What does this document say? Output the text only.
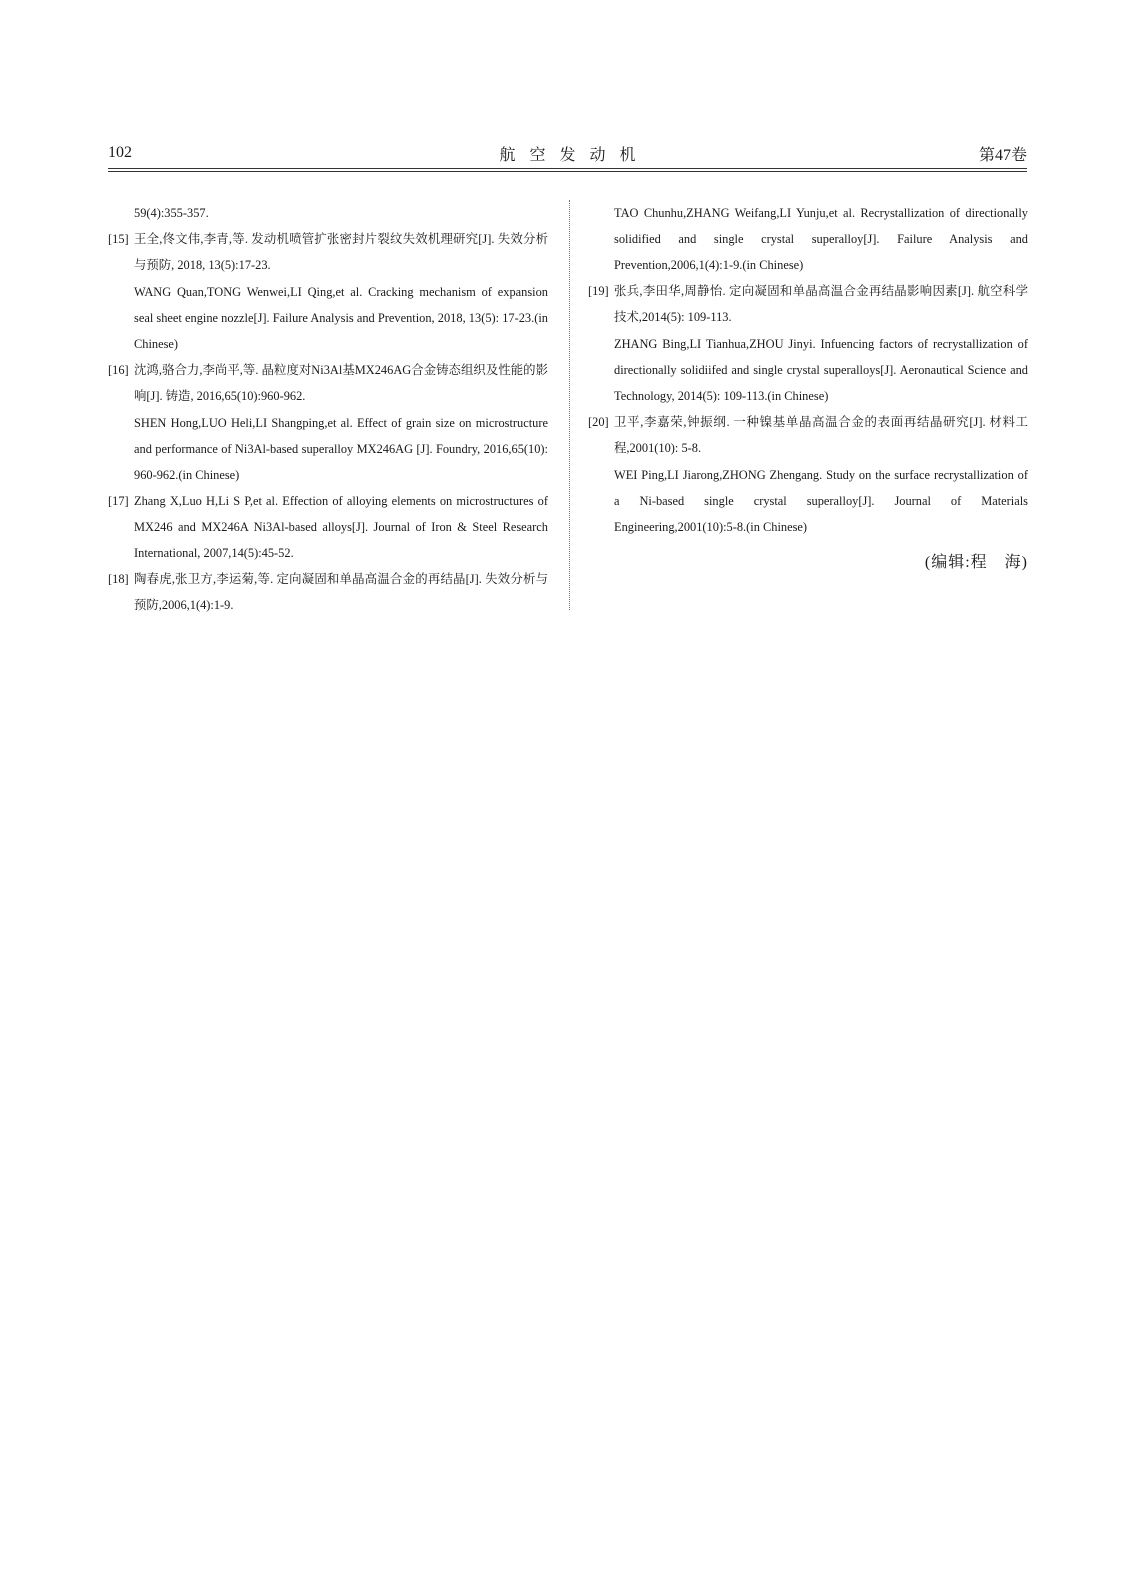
102	航空发动机	第47卷
59(4):355-357.
[15] 王全,佟文伟,李青,等. 发动机喷管扩张密封片裂纹失效机理研究[J]. 失效分析与预防, 2018, 13(5):17-23.
WANG Quan,TONG Wenwei,LI Qing,et al. Cracking mechanism of expansion seal sheet engine nozzle[J]. Failure Analysis and Prevention, 2018, 13(5): 17-23.(in Chinese)
[16] 沈鸿,骆合力,李尚平,等. 晶粒度对Ni3Al基MX246AG合金铸态组织及性能的影响[J]. 铸造, 2016,65(10):960-962.
SHEN Hong,LUO Heli,LI Shangping,et al. Effect of grain size on microstructure and performance of Ni3Al-based superalloy MX246AG [J]. Foundry, 2016,65(10): 960-962.(in Chinese)
[17] Zhang X,Luo H,Li S P,et al. Effection of alloying elements on microstructures of MX246 and MX246A Ni3Al-based alloys[J]. Journal of Iron & Steel Research International, 2007,14(5):45-52.
[18] 陶春虎,张卫方,李运菊,等. 定向凝固和单晶高温合金的再结晶[J]. 失效分析与预防,2006,1(4):1-9.
TAO Chunhu,ZHANG Weifang,LI Yunju,et al. Recrystallization of directionally solidified and single crystal superalloy[J]. Failure Analysis and Prevention,2006,1(4):1-9.(in Chinese)
[19] 张兵,李田华,周静怡. 定向凝固和单晶高温合金再结晶影响因素[J]. 航空科学技术,2014(5): 109-113.
ZHANG Bing,LI Tianhua,ZHOU Jinyi. Infuencing factors of recrystallization of directionally solidiifed and single crystal superalloys[J]. Aeronautical Science and Technology, 2014(5): 109-113.(in Chinese)
[20] 卫平,李嘉荣,钟振纲. 一种镍基单晶高温合金的表面再结晶研究[J]. 材料工程,2001(10): 5-8.
WEI Ping,LI Jiarong,ZHONG Zhengang. Study on the surface recrystallization of a Ni-based single crystal superalloy[J]. Journal of Materials Engineering,2001(10):5-8.(in Chinese)
(编辑:程　海)
